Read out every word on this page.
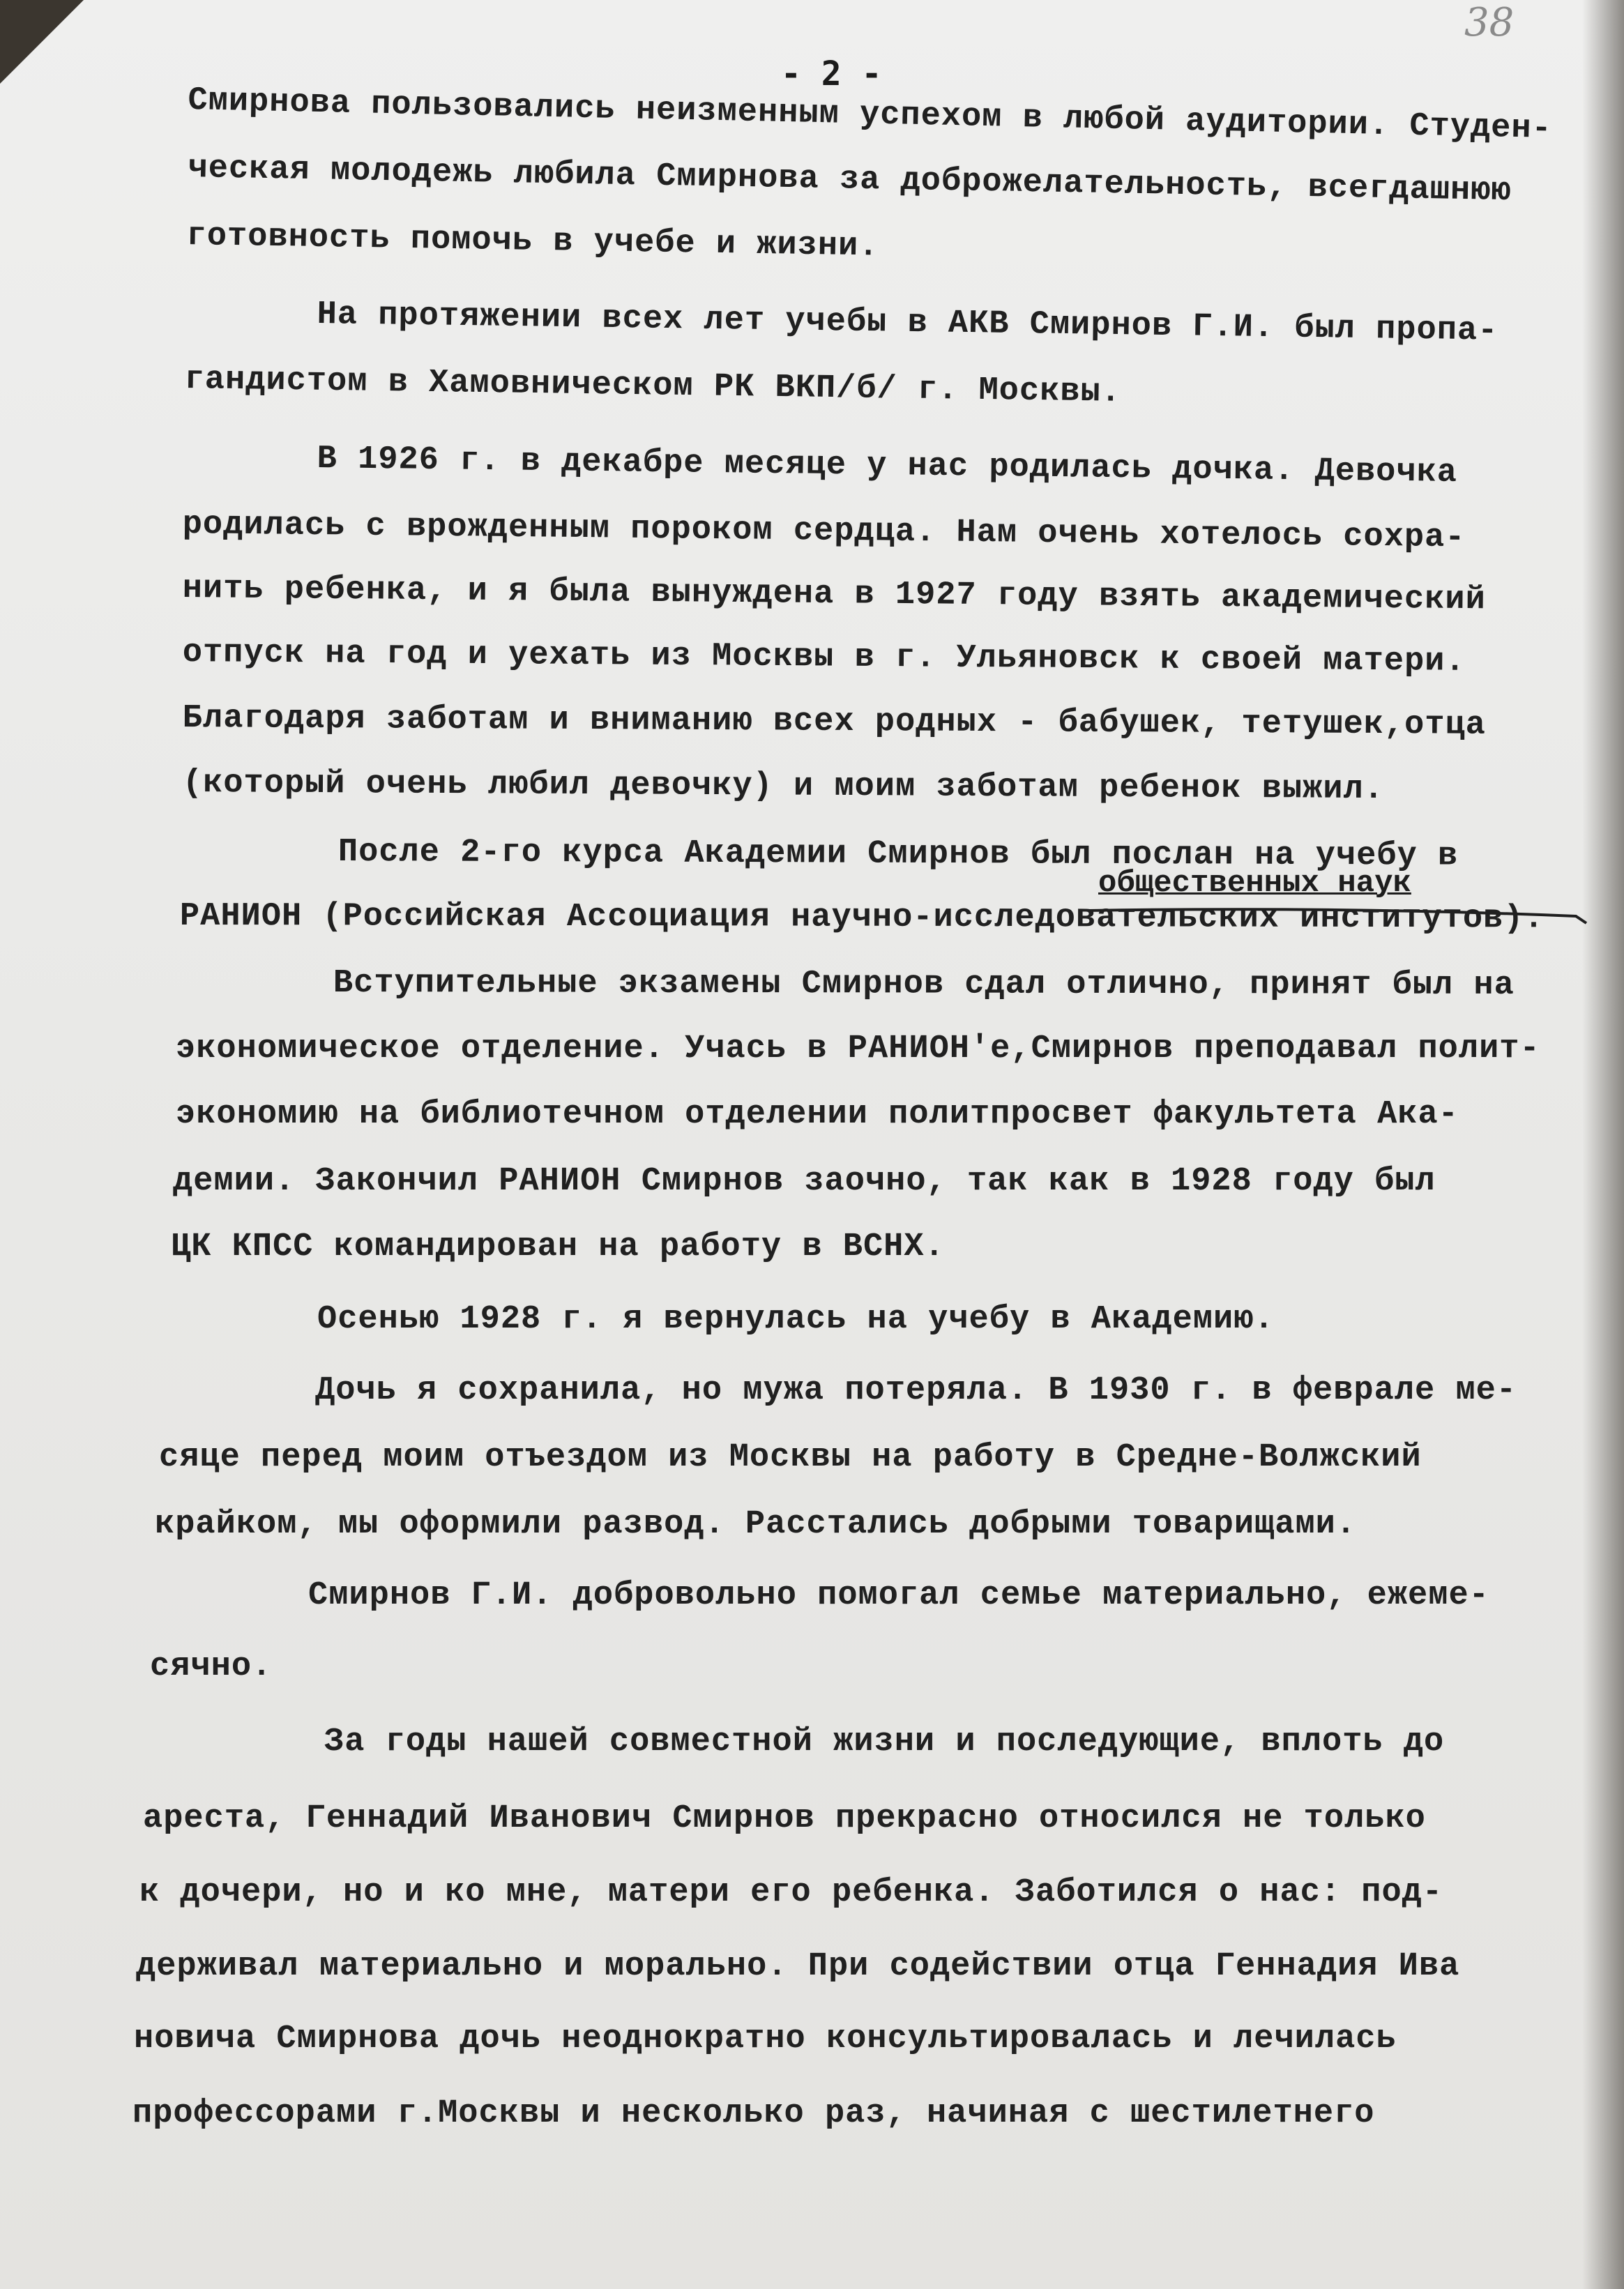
38
- 2 -
общественных наук
Смирнова пользовались неизменным успехом в любой аудитории. Студен-
ческая молодежь любила Смирнова за доброжелательность, всегдашнюю
готовность помочь в учебе и жизни.
На протяжении всех лет учебы в АКВ Смирнов Г.И. был пропа-
гандистом в Хамовническом РК ВКП/б/ г. Москвы.
В 1926 г. в декабре месяце у нас родилась дочка. Девочка
родилась с врожденным пороком сердца. Нам очень хотелось сохра-
нить ребенка, и я была вынуждена в 1927 году взять академический
отпуск на год и уехать из Москвы в г. Ульяновск к своей матери.
Благодаря заботам и вниманию всех родных - бабушек, тетушек,отца
(который очень любил девочку) и моим заботам ребенок выжил.
После 2-го курса Академии Смирнов был послан на учебу в
РАНИОН (Российская Ассоциация научно-исследовательских институтов).
Вступительные экзамены Смирнов сдал отлично, принят был на
экономическое отделение. Учась в РАНИОН'е,Смирнов преподавал полит-
экономию на библиотечном отделении политпросвет факультета Ака-
демии. Закончил РАНИОН Смирнов заочно, так как в 1928 году был
ЦК КПСС командирован на работу в ВСНХ.
Осенью 1928 г. я вернулась на учебу в Академию.
Дочь я сохранила, но мужа потеряла. В 1930 г. в феврале ме-
сяце перед моим отъездом из Москвы на работу в Средне-Волжский
крайком, мы оформили развод. Расстались добрыми товарищами.
Смирнов Г.И. добровольно помогал семье материально, ежеме-
сячно.
За годы нашей совместной жизни и последующие, вплоть до
ареста, Геннадий Иванович Смирнов прекрасно относился не только
к дочери, но и ко мне, матери его ребенка. Заботился о нас: под-
держивал материально и морально. При содействии отца Геннадия Ива
новича Смирнова дочь неоднократно консультировалась и лечилась
профессорами г.Москвы и несколько раз, начиная с шестилетнего
